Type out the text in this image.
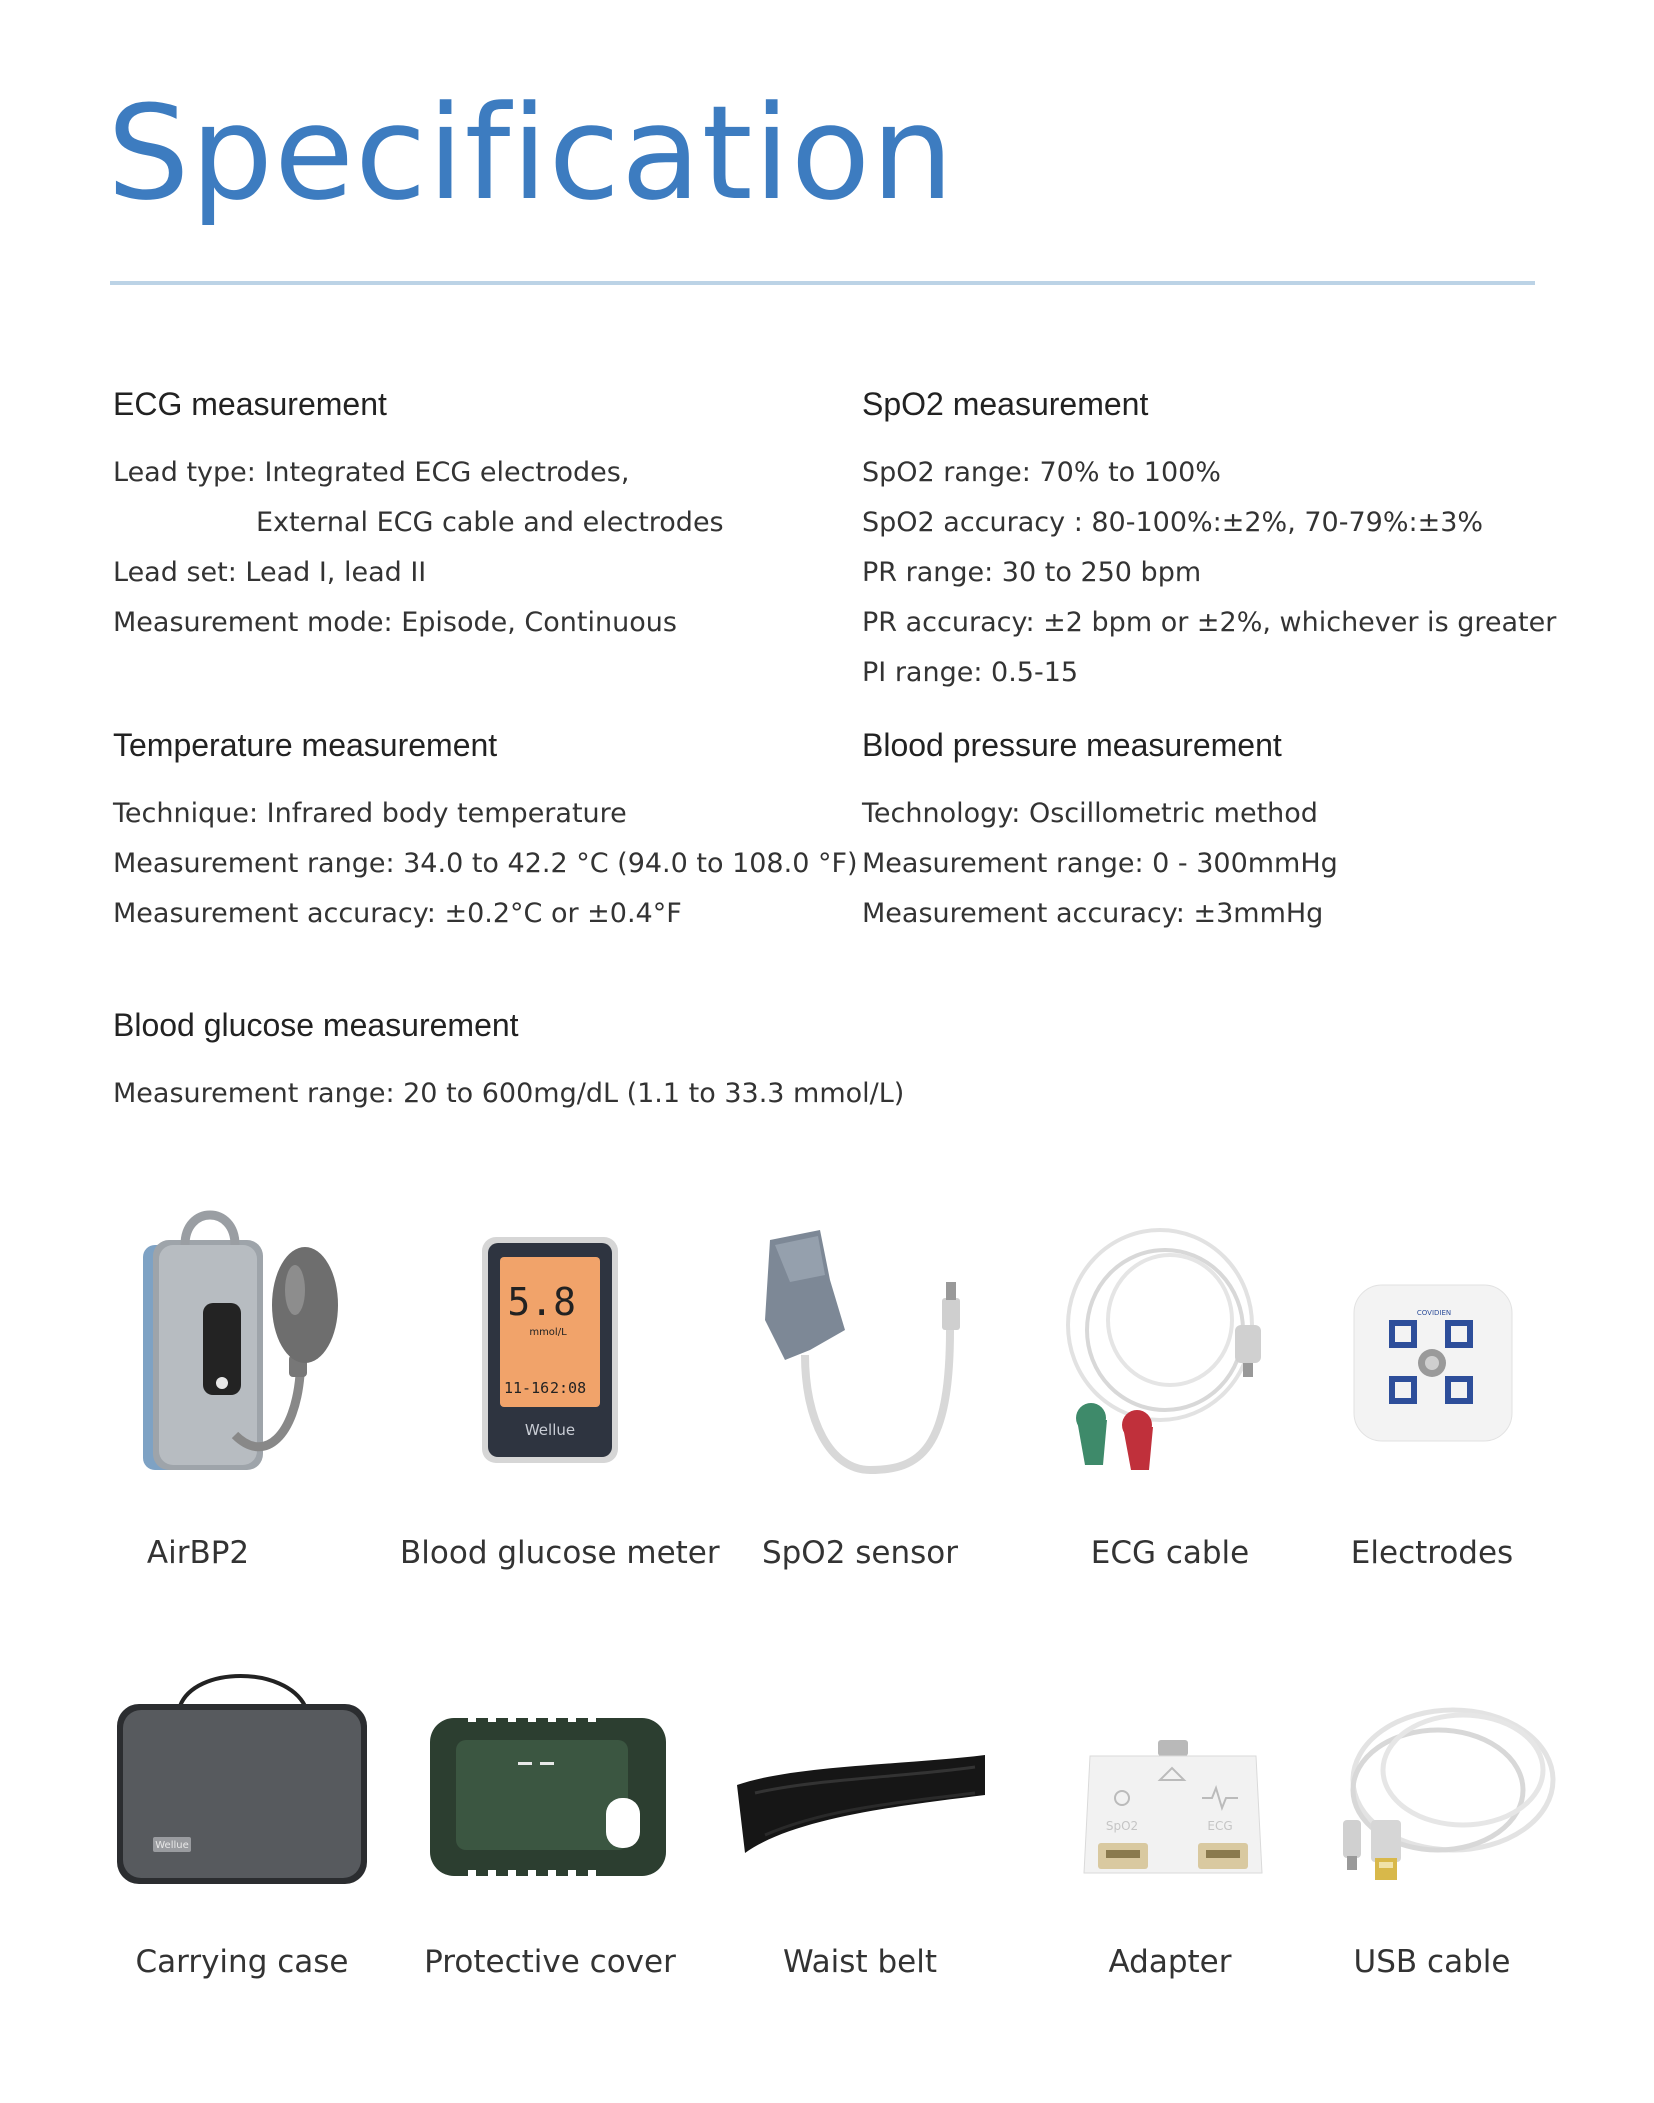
Specification
ECG measurement
Lead type: Integrated ECG electrodes,
External ECG cable and electrodes
Lead set: Lead I, lead II
Measurement mode: Episode, Continuous
SpO2 measurement
SpO2 range: 70% to 100%
SpO2 accuracy : 80-100%:±2%, 70-79%:±3%
PR range: 30 to 250 bpm
PR accuracy: ±2 bpm or ±2%, whichever is greater
PI range: 0.5-15
Temperature measurement
Technique: Infrared body temperature
Measurement range: 34.0 to 42.2 °C (94.0 to 108.0 °F)
Measurement accuracy: ±0.2°C or ±0.4°F
Blood pressure measurement
Technology: Oscillometric method
Measurement range: 0 - 300mmHg
Measurement accuracy: ±3mmHg
Blood glucose measurement
Measurement range: 20 to 600mg/dL (1.1 to 33.3 mmol/L)
AirBP2
5.8
mmol/L
11-16 2:08
Wellue
Blood glucose meter	SpO2 sensor	ECG cable
COVIDIEN
Electrodes
Wellue
Carrying case	Protective cover	Waist belt
SpO2	ECG
Adapter	USB cable
